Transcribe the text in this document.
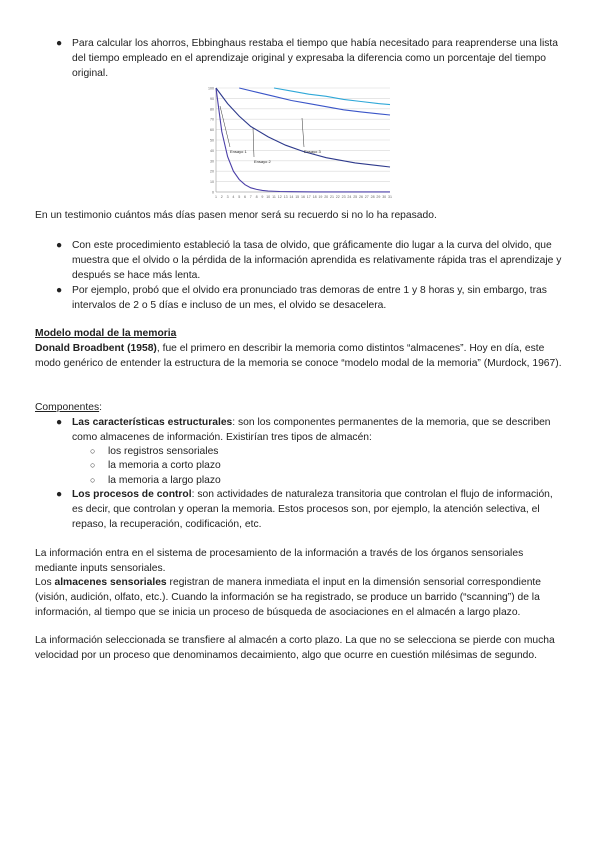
● Para calcular los ahorros, Ebbinghaus restaba el tiempo que había necesitado para reaprenderse una lista del tiempo empleado en el aprendizaje original y expresaba la diferencia como un porcentaje del tiempo original.
100
90
80
70
60
50
40
30
20
10
0
1 2 3 4 5 6 7 8 9 10 11 12 13 14 15 16 17 18 19 20 21 22 23 24 25 26 27 28 29 30 31
Ensayo 1
Ensayo 2
Ensayo 3
En un testimonio cuántos más días pasen menor será su recuerdo si no lo ha repasado.
● Con este procedimiento estableció la tasa de olvido, que gráficamente dio lugar a la curva del olvido, que muestra que el olvido o la pérdida de la información aprendida es relativamente rápida tras el aprendizaje y después se hace más lenta.
● Por ejemplo, probó que el olvido era pronunciado tras demoras de entre 1 y 8 horas y, sin embargo, tras intervalos de 2 o 5 días e incluso de un mes, el olvido se desacelera.
Modelo modal de la memoria
Donald Broadbent (1958), fue el primero en describir la memoria como distintos “almacenes”. Hoy en día, este modo genérico de entender la estructura de la memoria se conoce “modelo modal de la memoria” (Murdock, 1967).
Componentes:
● Las características estructurales: son los componentes permanentes de la memoria, que se describen como almacenes de información. Existirían tres tipos de almacén:
○ los registros sensoriales
○ la memoria a corto plazo
○ la memoria a largo plazo
● Los procesos de control: son actividades de naturaleza transitoria que controlan el flujo de información, es decir, que controlan y operan la memoria. Estos procesos son, por ejemplo, la atención selectiva, el repaso, la recuperación, codificación, etc.
La información entra en el sistema de procesamiento de la información a través de los órganos sensoriales mediante inputs sensoriales.
Los almacenes sensoriales registran de manera inmediata el input en la dimensión sensorial correspondiente (visión, audición, olfato, etc.). Cuando la información se ha registrado, se produce un barrido (“scanning”) de la información, al tiempo que se inicia un proceso de búsqueda de asociaciones en el almacén a largo plazo.
La información seleccionada se transfiere al almacén a corto plazo. La que no se selecciona se pierde con mucha velocidad por un proceso que denominamos decaimiento, algo que ocurre en cuestión milésimas de segundo.
